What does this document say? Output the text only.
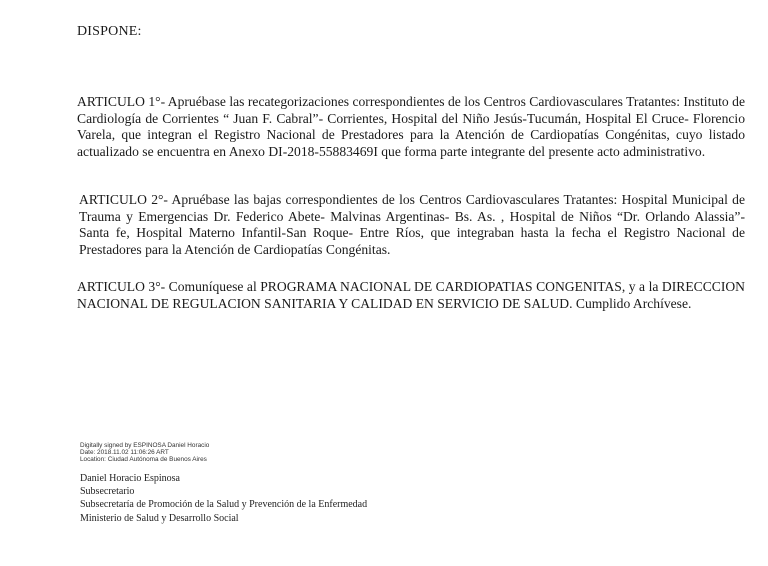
DISPONE:

ARTICULO 1°- Apruébase las recategorizaciones correspondientes de los Centros Cardiovasculares Tratantes: Instituto de Cardiología de Corrientes “ Juan F. Cabral”- Corrientes, Hospital del Niño Jesús-Tucumán, Hospital El Cruce- Florencio Varela, que integran el Registro Nacional de Prestadores para la Atención de Cardiopatías Congénitas, cuyo listado actualizado se encuentra en Anexo DI-2018-55883469I que forma parte integrante del presente acto administrativo.

ARTICULO 2°- Apruébase las bajas correspondientes de los Centros Cardiovasculares Tratantes: Hospital Municipal de Trauma y Emergencias Dr. Federico Abete- Malvinas Argentinas- Bs. As. , Hospital de Niños “Dr. Orlando Alassia”- Santa fe, Hospital Materno Infantil-San Roque- Entre Ríos, que integraban hasta la fecha el Registro Nacional de Prestadores para la Atención de Cardiopatías Congénitas.

ARTICULO 3°- Comuníquese al PROGRAMA NACIONAL DE CARDIOPATIAS CONGENITAS, y a la DIRECCCION NACIONAL DE REGULACION SANITARIA Y CALIDAD EN SERVICIO DE SALUD. Cumplido Archívese.

Digitally signed by ESPINOSA Daniel Horacio
Date: 2018.11.02 11:06:26 ART
Location: Ciudad Autónoma de Buenos Aires
Daniel Horacio Espinosa
Subsecretario
Subsecretaría de Promoción de la Salud y Prevención de la Enfermedad
Ministerio de Salud y Desarrollo Social
